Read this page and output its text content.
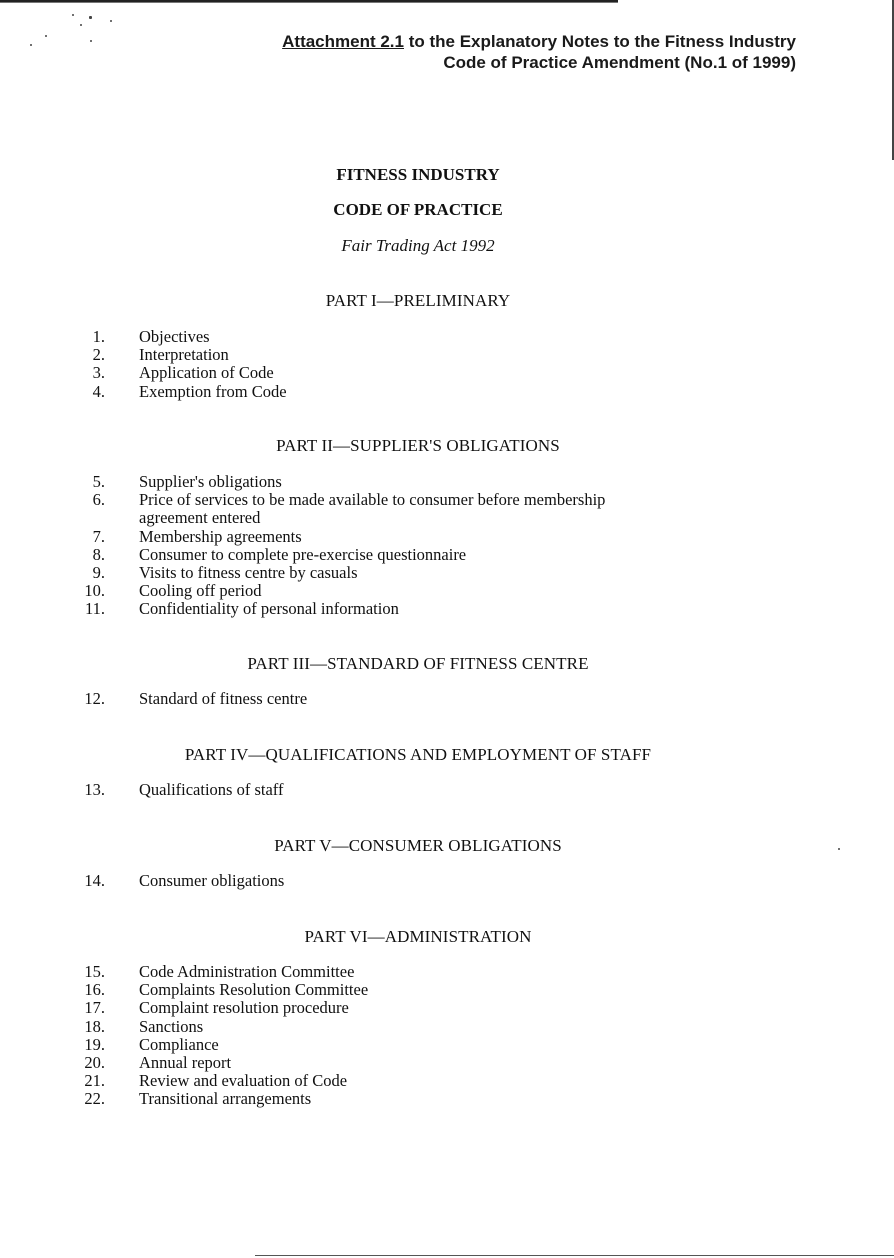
Attachment 2.1 to the Explanatory Notes to the Fitness Industry
Code of Practice Amendment (No.1 of 1999)
FITNESS INDUSTRY
CODE OF PRACTICE
Fair Trading Act 1992
PART I—PRELIMINARY
1. Objectives
2. Interpretation
3. Application of Code
4. Exemption from Code
PART II—SUPPLIER'S OBLIGATIONS
5. Supplier's obligations
6. Price of services to be made available to consumer before membership agreement entered
7. Membership agreements
8. Consumer to complete pre-exercise questionnaire
9. Visits to fitness centre by casuals
10. Cooling off period
11. Confidentiality of personal information
PART III—STANDARD OF FITNESS CENTRE
12. Standard of fitness centre
PART IV—QUALIFICATIONS AND EMPLOYMENT OF STAFF
13. Qualifications of staff
PART V—CONSUMER OBLIGATIONS
14. Consumer obligations
PART VI—ADMINISTRATION
15. Code Administration Committee
16. Complaints Resolution Committee
17. Complaint resolution procedure
18. Sanctions
19. Compliance
20. Annual report
21. Review and evaluation of Code
22. Transitional arrangements
